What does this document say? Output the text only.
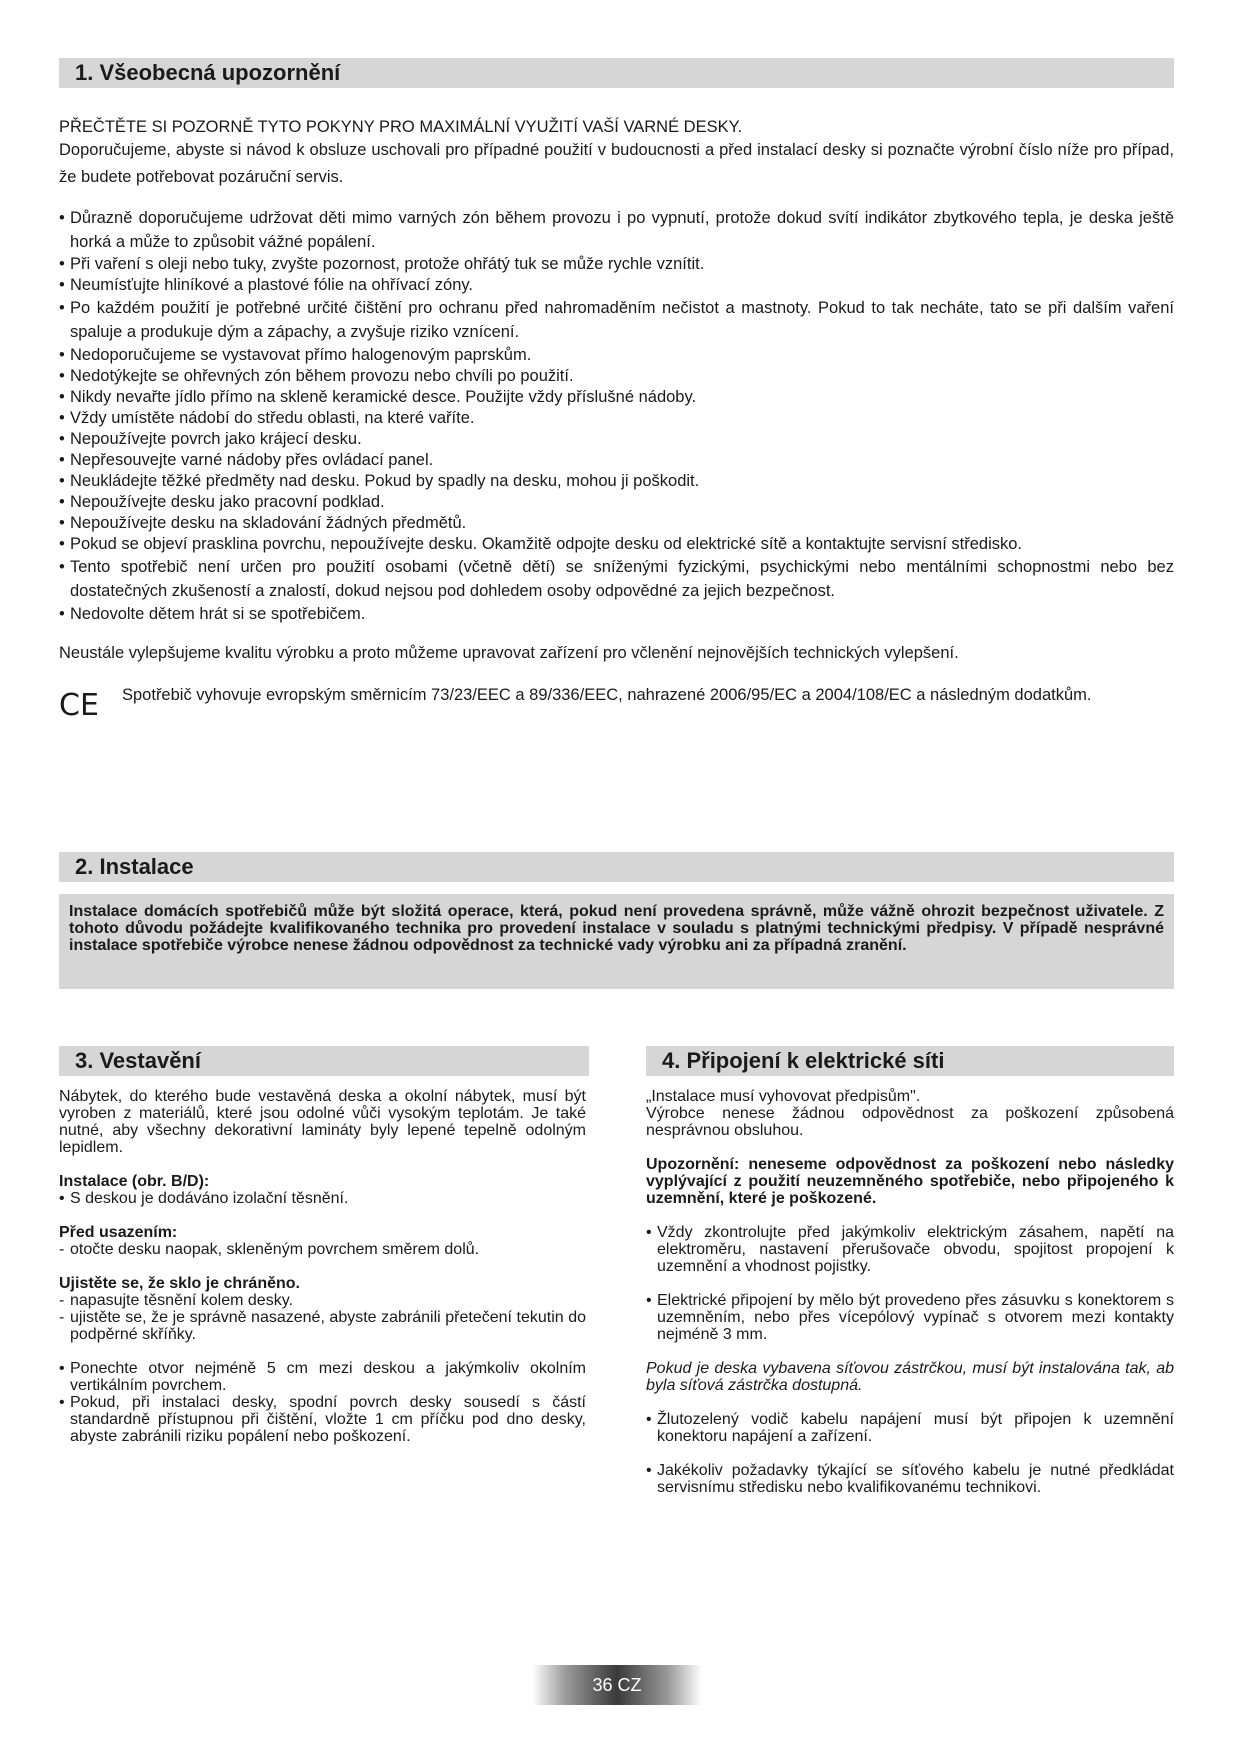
1. Všeobecná upozornění

PŘEČTĚTE SI POZORNĚ TYTO POKYNY PRO MAXIMÁLNÍ VYUŽITÍ VAŠÍ VARNÉ DESKY.

Doporučujeme, abyste si návod k obsluze uschovali pro případné použití v budoucnosti a před instalací desky si poznačte výrobní číslo níže pro případ, že budete potřebovat pozáruční servis.

• Důrazně doporučujeme udržovat děti mimo varných zón během provozu i po vypnutí, protože dokud svítí indikátor zbytkového tepla, je deska ještě horká a může to způsobit vážné popálení.
• Při vaření s oleji nebo tuky, zvyšte pozornost, protože ohřátý tuk se může rychle vznítit.
• Neumísťujte hliníkové a plastové fólie na ohřívací zóny.
• Po každém použití je potřebné určité čištění pro ochranu před nahromaděním nečistot a mastnoty. Pokud to tak necháte, tato se při dalším vaření spaluje a produkuje dým a zápachy, a zvyšuje riziko vznícení.
• Nedoporučujeme se vystavovat přímo halogenovým paprskům.
• Nedotýkejte se ohřevných zón během provozu nebo chvíli po použití.
• Nikdy nevařte jídlo přímo na skleně keramické desce. Použijte vždy příslušné nádoby.
• Vždy umístěte nádobí do středu oblasti, na které vaříte.
• Nepoužívejte povrch jako krájecí desku.
• Nepřesouvejte varné nádoby přes ovládací panel.
• Neukládejte těžké předměty nad desku. Pokud by spadly na desku, mohou ji poškodit.
• Nepoužívejte desku jako pracovní podklad.
• Nepoužívejte desku na skladování žádných předmětů.
• Pokud se objeví prasklina povrchu, nepoužívejte desku. Okamžitě odpojte desku od elektrické sítě a kontaktujte servisní středisko.
• Tento spotřebič není určen pro použití osobami (včetně dětí) se sníženými fyzickými, psychickými nebo mentálními schopnostmi nebo bez dostatečných zkušeností a znalostí, dokud nejsou pod dohledem osoby odpovědné za jejich bezpečnost.
• Nedovolte dětem hrát si se spotřebičem.

Neustále vylepšujeme kvalitu výrobku a proto můžeme upravovat zařízení pro včlenění nejnovějších technických vylepšení.

CE	Spotřebič vyhovuje evropským směrnicím 73/23/EEC a 89/336/EEC, nahrazené 2006/95/EC a 2004/108/EC a následným dodatkům.

2. Instalace
Instalace domácích spotřebičů může být složitá operace, která, pokud není provedena správně, může vážně ohrozit bezpečnost uživatele. Z tohoto důvodu požádejte kvalifikovaného technika pro provedení instalace v souladu s platnými technickými předpisy. V případě nesprávné instalace spotřebiče výrobce nenese žádnou odpovědnost za technické vady výrobku ani za případná zranění.
3. Vestavění

Nábytek, do kterého bude vestavěná deska a okolní nábytek, musí být vyroben z materiálů, které jsou odolné vůči vysokým teplotám. Je také nutné, aby všechny dekorativní lamináty byly lepené tepelně odolným lepidlem.

Instalace (obr. B/D):

• S deskou je dodáváno izolační těsnění.

Před usazením:

- otočte desku naopak, skleněným povrchem směrem dolů.

Ujistěte se, že sklo je chráněno.

- napasujte těsnění kolem desky.
- ujistěte se, že je správně nasazené, abyste zabránili přetečení tekutin do podpěrné skříňky.
• Ponechte otvor nejméně 5 cm mezi deskou a jakýmkoliv okolním vertikálním povrchem.
• Pokud, při instalaci desky, spodní povrch desky sousedí s částí standardně přístupnou při čištění, vložte 1 cm příčku pod dno desky, abyste zabránili riziku popálení nebo poškození.
4. Připojení k elektrické síti

„Instalace musí vyhovovat předpisům".

Výrobce nenese žádnou odpovědnost za poškození způsobená nesprávnou obsluhou.

Upozornění: neneseme odpovědnost za poškození nebo následky vyplývající z použití neuzemněného spotřebiče, nebo připojeného k uzemnění, které je poškozené.

• Vždy zkontrolujte před jakýmkoliv elektrickým zásahem, napětí na elektroměru, nastavení přerušovače obvodu, spojitost propojení k uzemnění a vhodnost pojistky.
• Elektrické připojení by mělo být provedeno přes zásuvku s konektorem s uzemněním, nebo přes vícepólový vypínač s otvorem mezi kontakty nejméně 3 mm.

Pokud je deska vybavena síťovou zástrčkou, musí být instalována tak, ab byla síťová zástrčka dostupná.

• Žlutozelený vodič kabelu napájení musí být připojen k uzemnění konektoru napájení a zařízení.
• Jakékoliv požadavky týkající se síťového kabelu je nutné předkládat servisnímu středisku nebo kvalifikovanému technikovi.
36 CZ
